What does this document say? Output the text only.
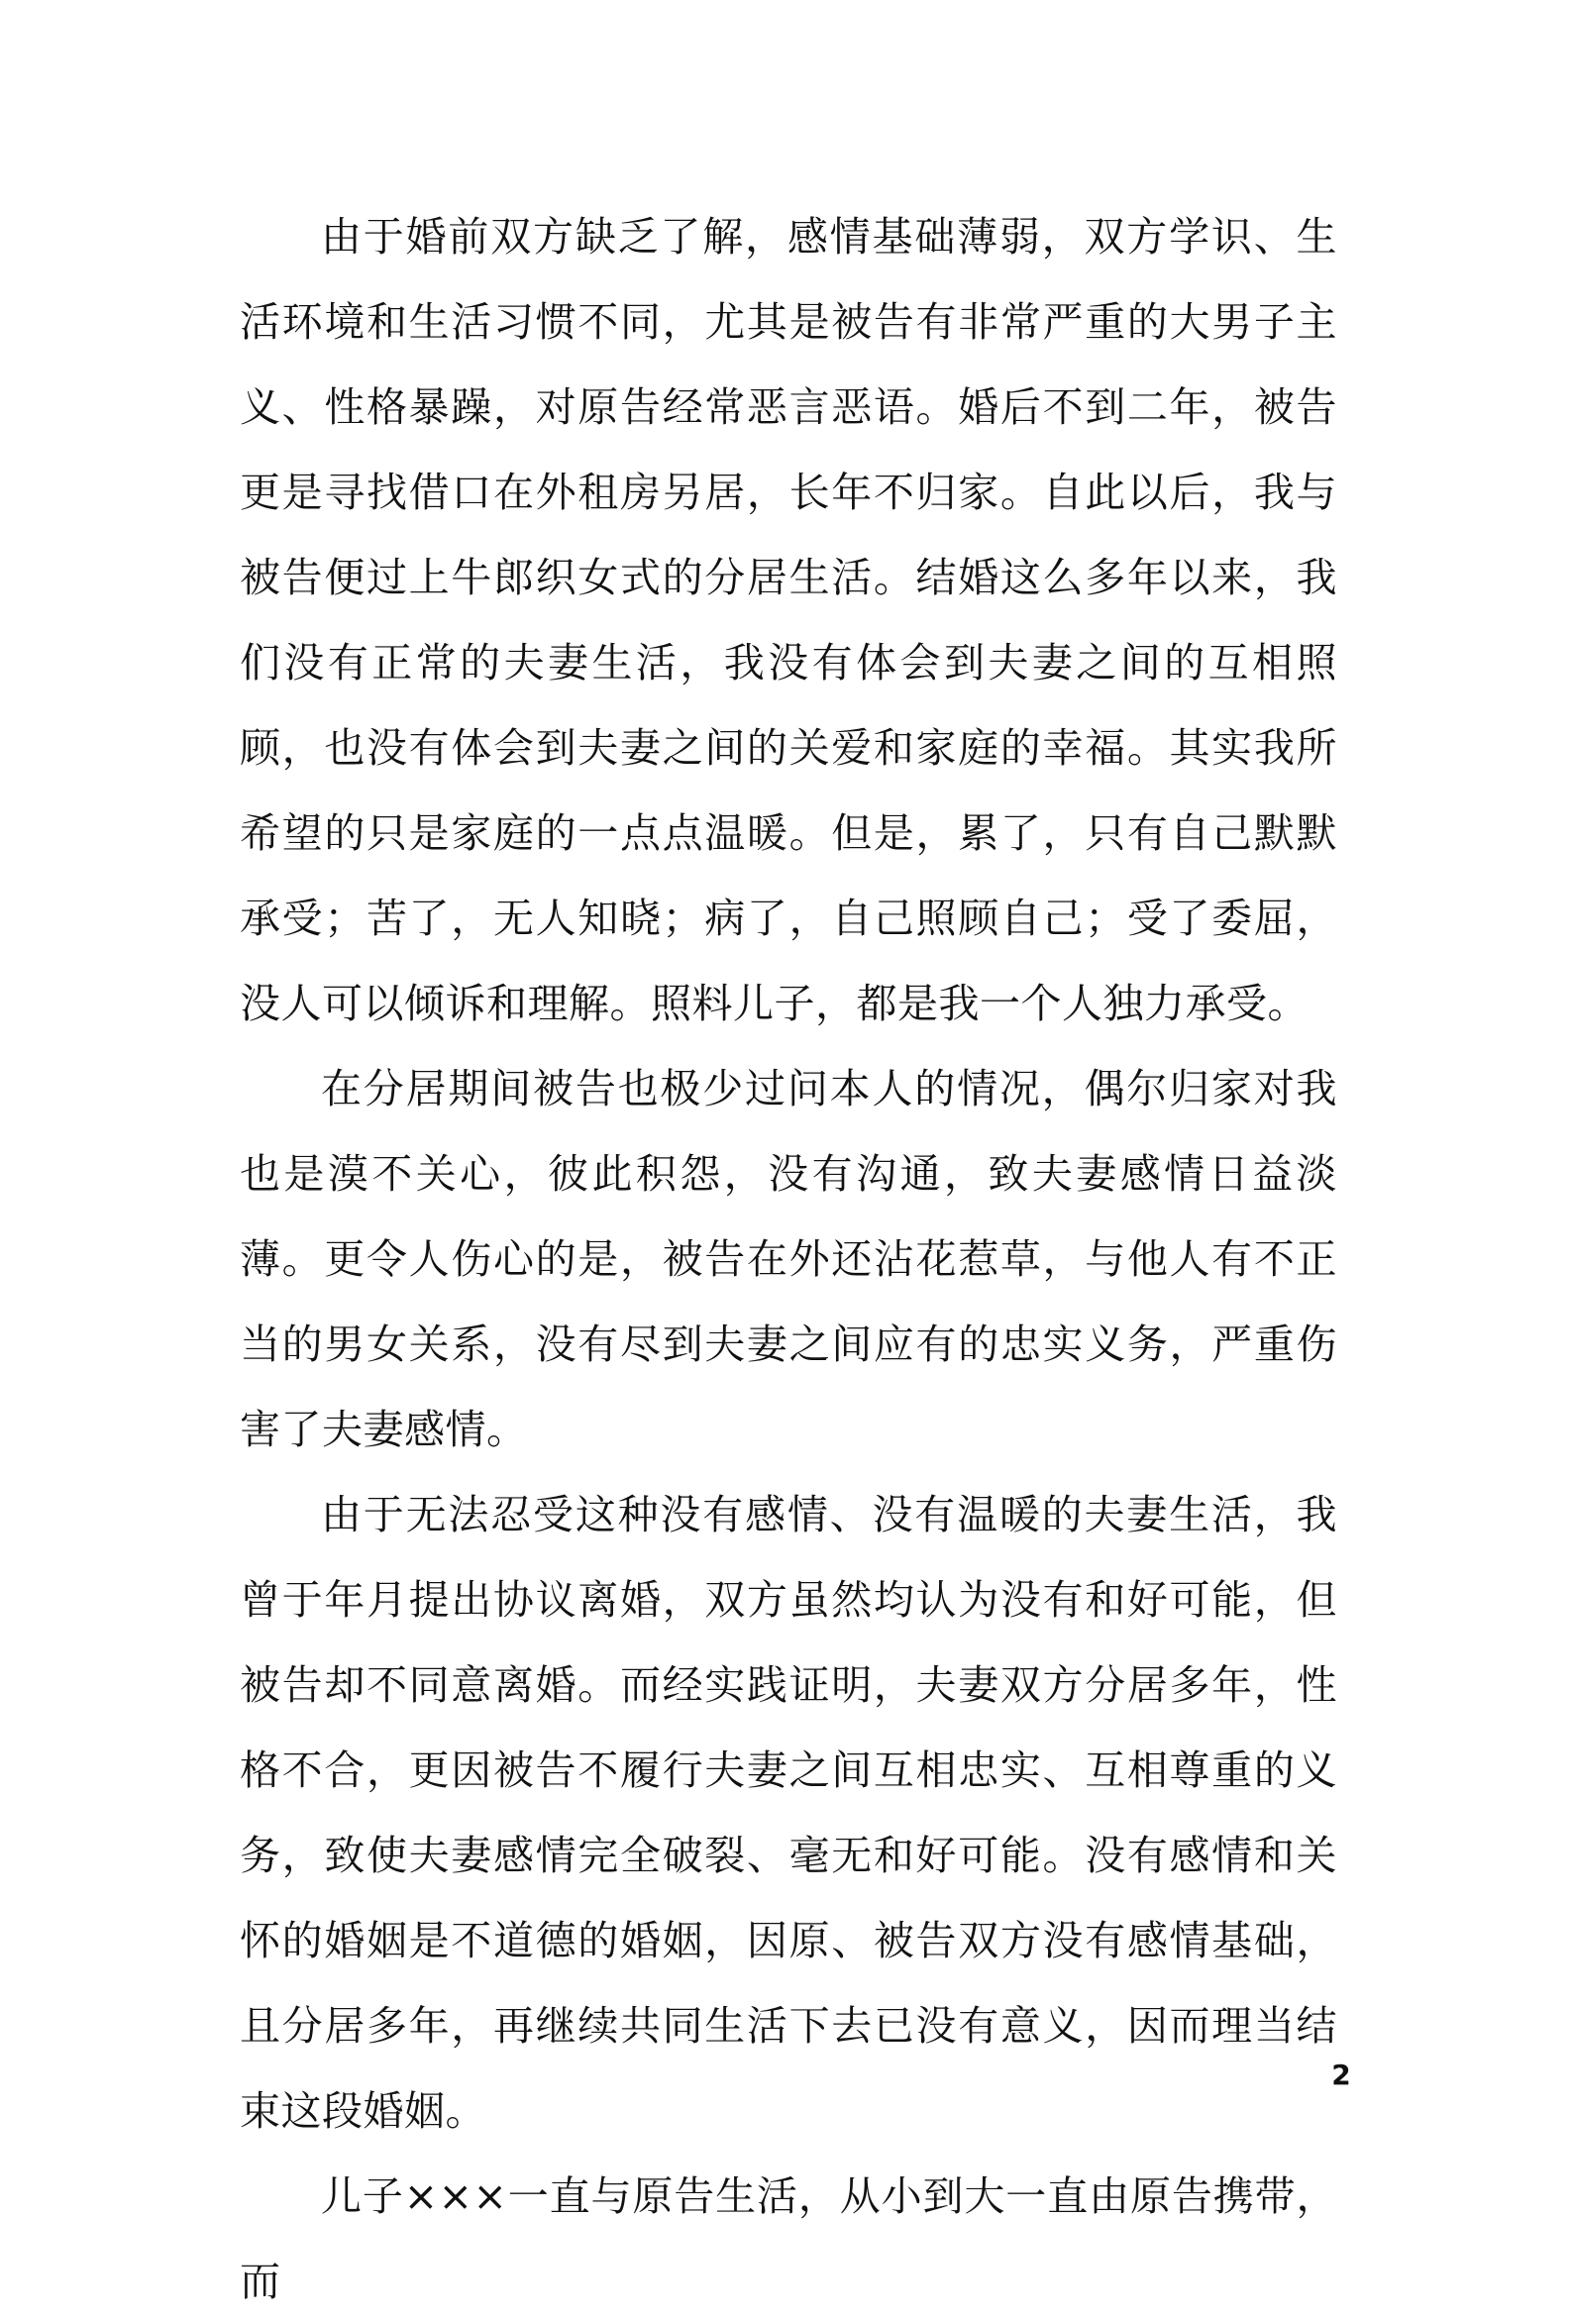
由于婚前双方缺乏了解，感情基础薄弱，双方学识、生活环境和生活习惯不同，尤其是被告有非常严重的大男子主义、性格暴躁，对原告经常恶言恶语。婚后不到二年，被告更是寻找借口在外租房另居，长年不归家。自此以后，我与被告便过上牛郎织女式的分居生活。结婚这么多年以来，我们没有正常的夫妻生活，我没有体会到夫妻之间的互相照顾，也没有体会到夫妻之间的关爱和家庭的幸福。其实我所希望的只是家庭的一点点温暖。但是，累了，只有自己默默承受；苦了，无人知晓；病了，自己照顾自己；受了委屈，没人可以倾诉和理解。照料儿子，都是我一个人独力承受。

在分居期间被告也极少过问本人的情况，偶尔归家对我也是漠不关心，彼此积怨，没有沟通，致夫妻感情日益淡薄。更令人伤心的是，被告在外还沾花惹草，与他人有不正当的男女关系，没有尽到夫妻之间应有的忠实义务，严重伤害了夫妻感情。

由于无法忍受这种没有感情、没有温暖的夫妻生活，我曾于年月提出协议离婚，双方虽然均认为没有和好可能，但被告却不同意离婚。而经实践证明，夫妻双方分居多年，性格不合，更因被告不履行夫妻之间互相忠实、互相尊重的义务，致使夫妻感情完全破裂、毫无和好可能。没有感情和关怀的婚姻是不道德的婚姻，因原、被告双方没有感情基础，且分居多年，再继续共同生活下去已没有意义，因而理当结束这段婚姻。

儿子×××一直与原告生活，从小到大一直由原告携带，而

2
